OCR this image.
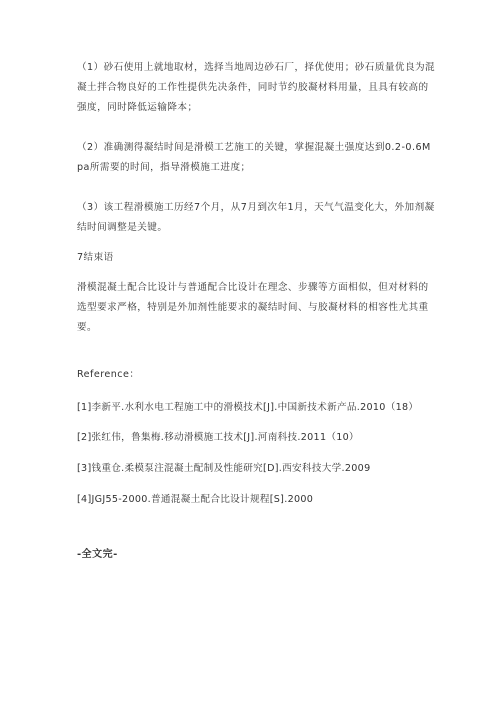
（1）砂石使用上就地取材，选择当地周边砂石厂，择优使用；砂石质量优良为混凝土拌合物良好的工作性提供先决条件，同时节约胶凝材料用量，且具有较高的强度，同时降低运输降本；

（2）准确测得凝结时间是滑模工艺施工的关键，掌握混凝土强度达到0.2-0.6Mpa所需要的时间，指导滑模施工进度；

（3）该工程滑模施工历经7个月，从7月到次年1月，天气气温变化大，外加剂凝结时间调整是关键。

7结束语

滑模混凝土配合比设计与普通配合比设计在理念、步骤等方面相似，但对材料的选型要求严格，特别是外加剂性能要求的凝结时间、与胶凝材料的相容性尤其重要。

Reference：

[1]李新平.水利水电工程施工中的滑模技术[J].中国新技术新产品.2010（18）

[2]张红伟，鲁集梅.移动滑模施工技术[J].河南科技.2011（10）

[3]钱重仓.柔模泵注混凝土配制及性能研究[D].西安科技大学.2009

[4]JGJ55-2000.普通混凝土配合比设计规程[S].2000

-全文完-
